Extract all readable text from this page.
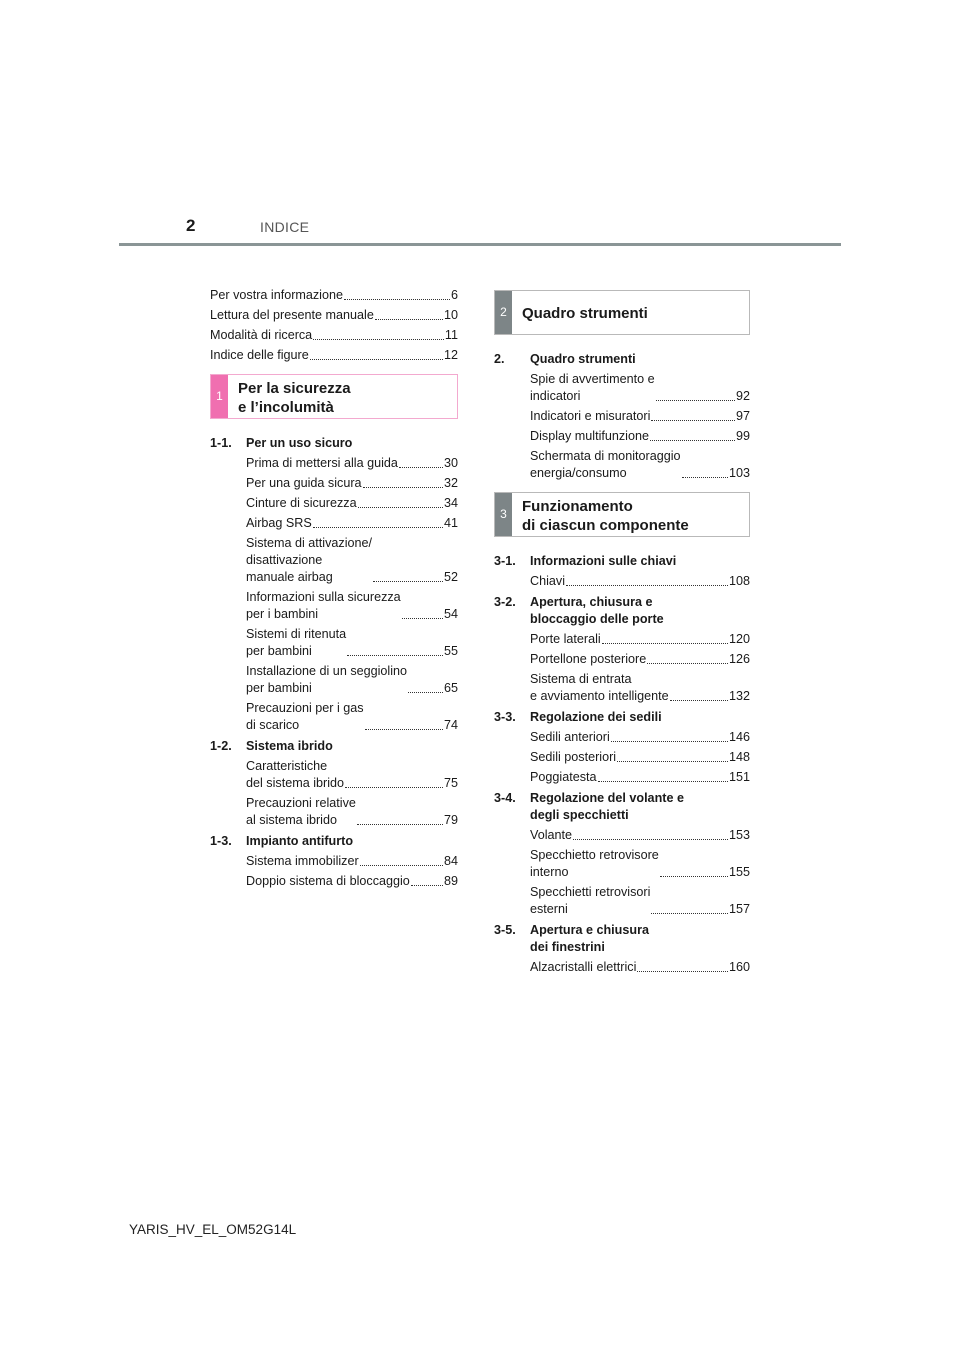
2	INDICE
Per vostra informazione	6
Lettura del presente manuale	10
Modalità di ricerca	11
Indice delle figure	12
1	Per la sicurezza
e l’incolumità
1-1.	Per un uso sicuro
Prima di mettersi alla guida	30
Per una guida sicura	32
Cinture di sicurezza	34
Airbag SRS	41
Sistema di attivazione/
disattivazione
manuale airbag	52
Informazioni sulla sicurezza
per i bambini	54
Sistemi di ritenuta
per bambini	55
Installazione di un seggiolino
per bambini	65
Precauzioni per i gas
di scarico	74
1-2.	Sistema ibrido
Caratteristiche
del sistema ibrido	75
Precauzioni relative
al sistema ibrido	79
1-3.	Impianto antifurto
Sistema immobilizer	84
Doppio sistema di bloccaggio	89
2	Quadro strumenti
2.	Quadro strumenti
Spie di avvertimento e
indicatori	92
Indicatori e misuratori	97
Display multifunzione	99
Schermata di monitoraggio
energia/consumo	103
3	Funzionamento
di ciascun componente
3-1.	Informazioni sulle chiavi
Chiavi	108
3-2.	Apertura, chiusura e
bloccaggio delle porte
Porte laterali	120
Portellone posteriore	126
Sistema di entrata
e avviamento intelligente	132
3-3.	Regolazione dei sedili
Sedili anteriori	146
Sedili posteriori	148
Poggiatesta	151
3-4.	Regolazione del volante e
degli specchietti
Volante	153
Specchietto retrovisore
interno	155
Specchietti retrovisori
esterni	157
3-5.	Apertura e chiusura
dei finestrini
Alzacristalli elettrici	160
YARIS_HV_EL_OM52G14L
